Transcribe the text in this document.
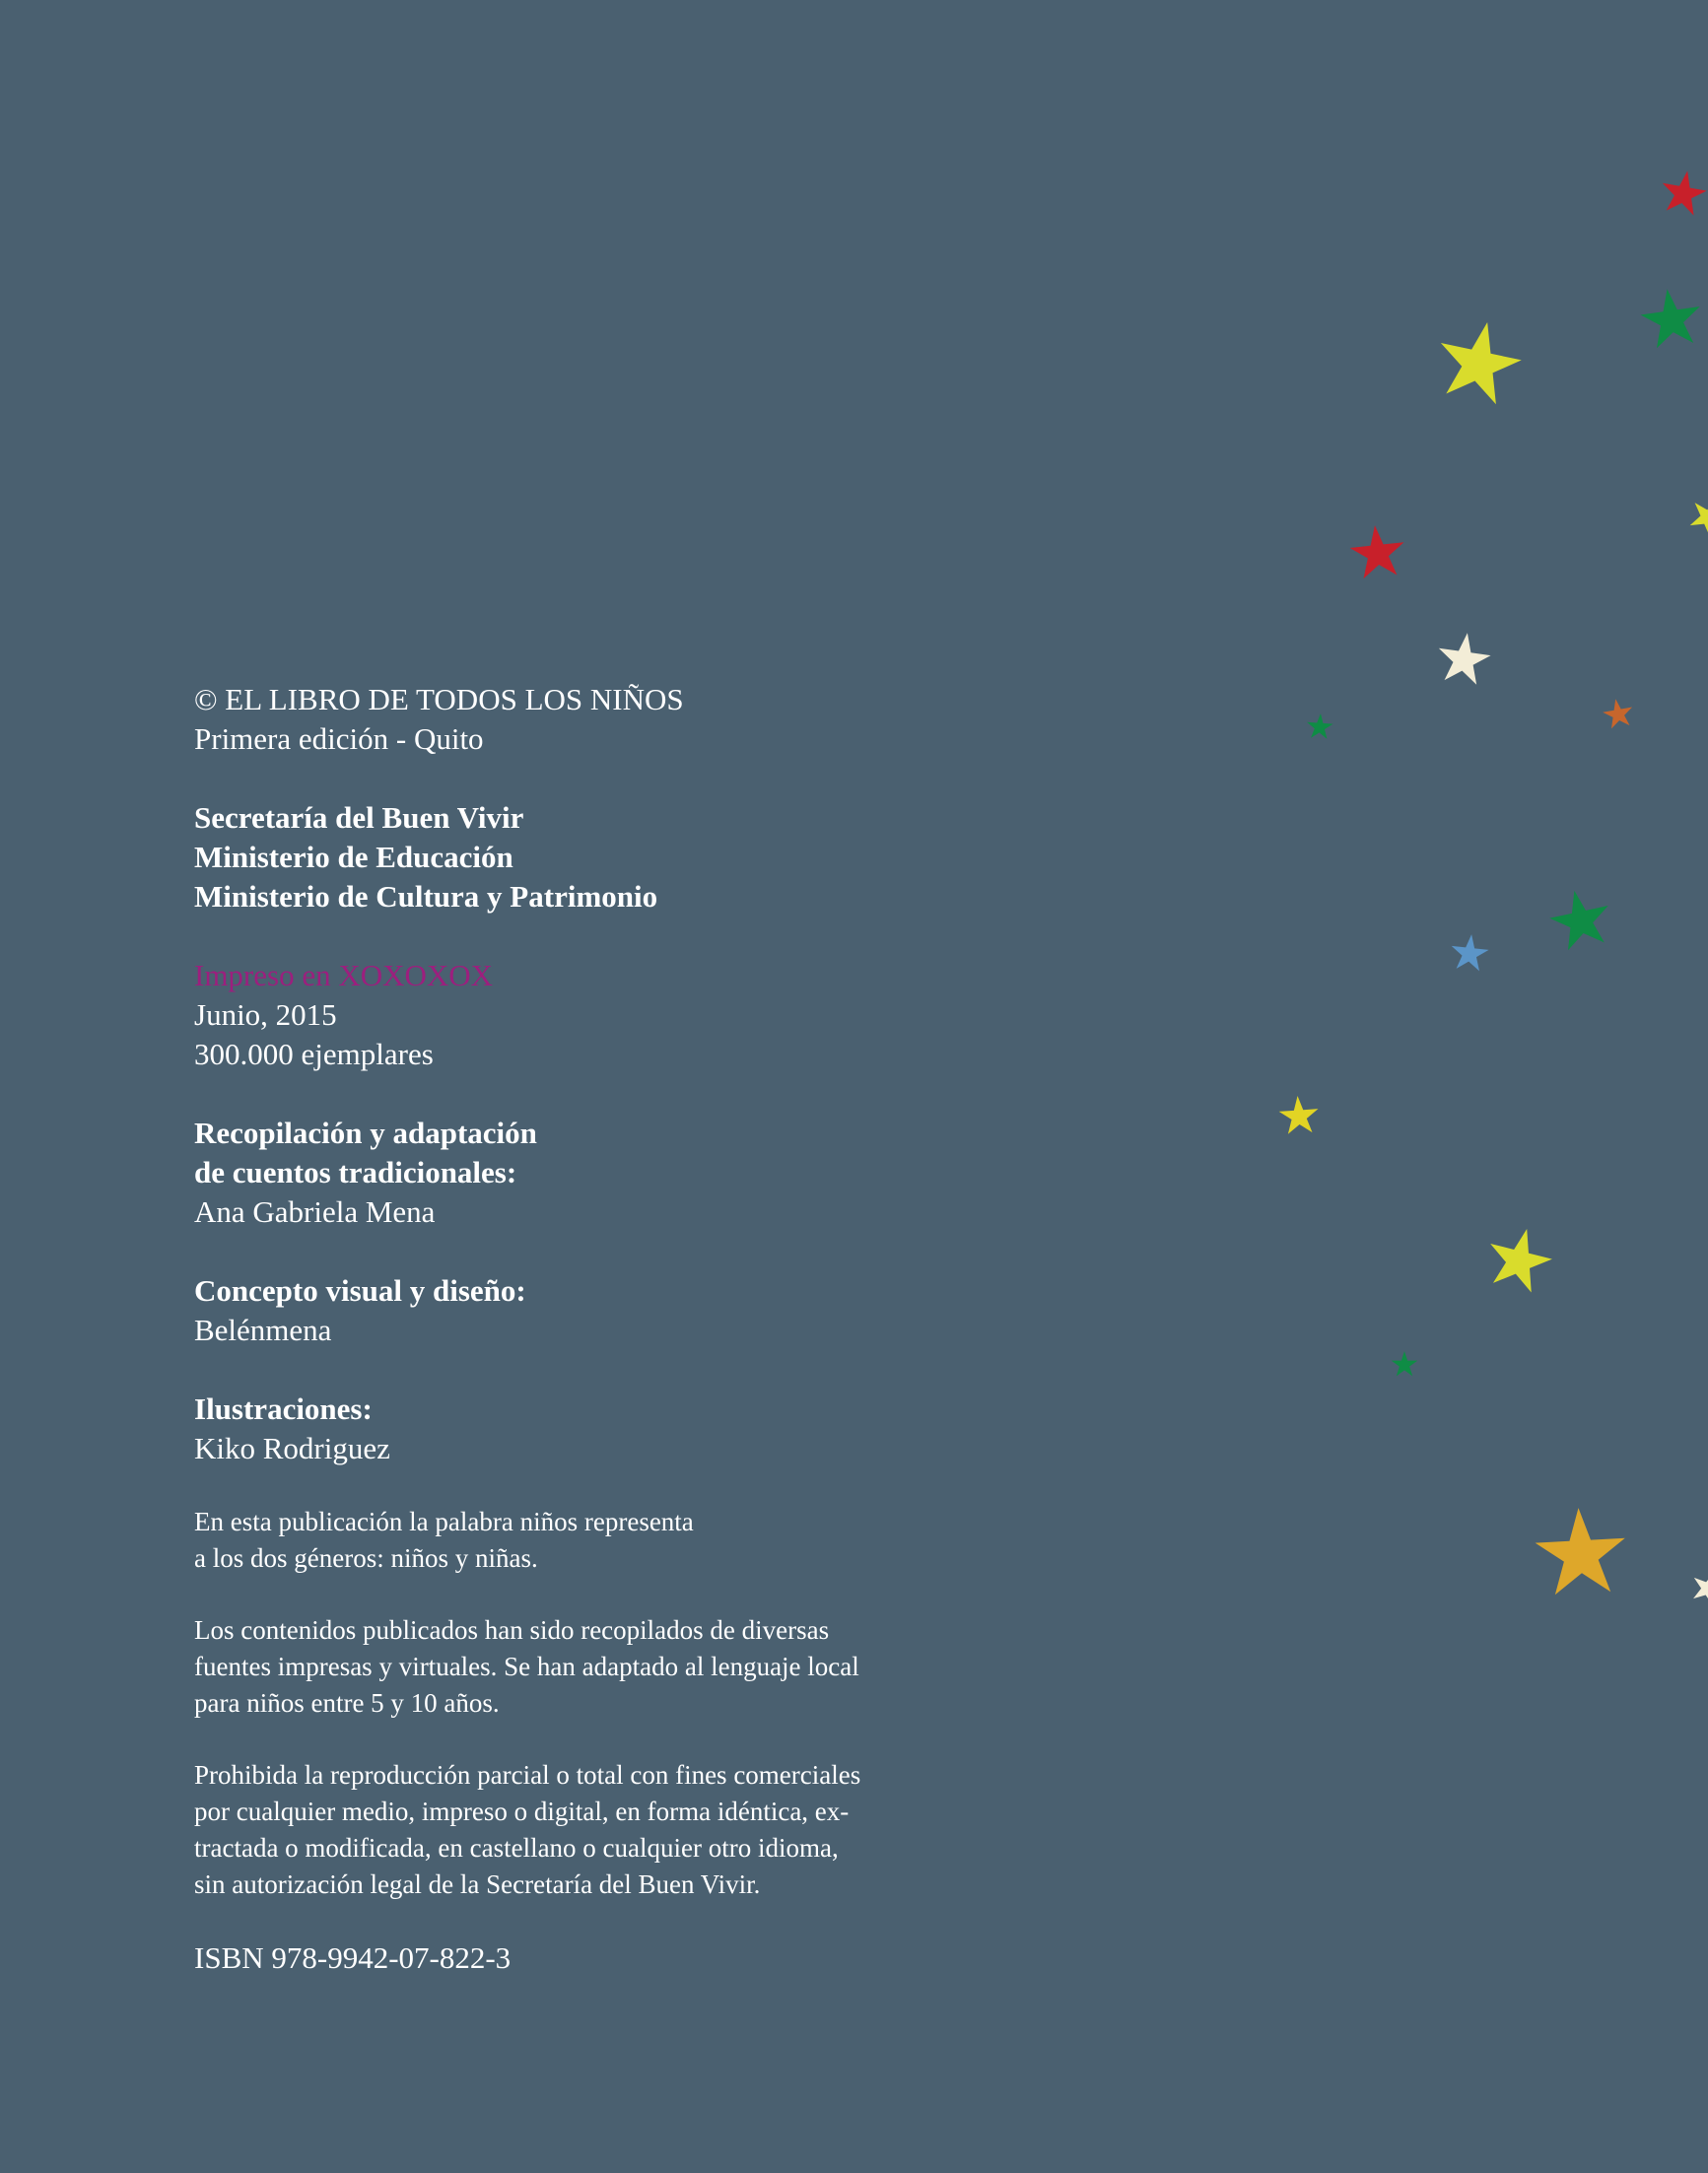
© EL LIBRO DE TODOS LOS NIÑOS
Primera edición - Quito
Secretaría del Buen Vivir
Ministerio de Educación
Ministerio de Cultura y Patrimonio
Impreso en XOXOXOX
Junio, 2015
300.000 ejemplares
Recopilación y adaptación
de cuentos tradicionales:
Ana Gabriela Mena
Concepto visual y diseño:
Belénmena
Ilustraciones:
Kiko Rodriguez
En esta publicación la palabra niños representa
a los dos géneros: niños y niñas.
Los contenidos publicados han sido recopilados de diversas
fuentes impresas y virtuales. Se han adaptado al lenguaje local
para niños entre 5 y 10 años.
Prohibida la reproducción parcial o total con fines comerciales
por cualquier medio, impreso o digital, en forma idéntica, ex-
tractada o modificada, en castellano o cualquier otro idioma,
sin autorización legal de la Secretaría del Buen Vivir.
ISBN 978-9942-07-822-3
